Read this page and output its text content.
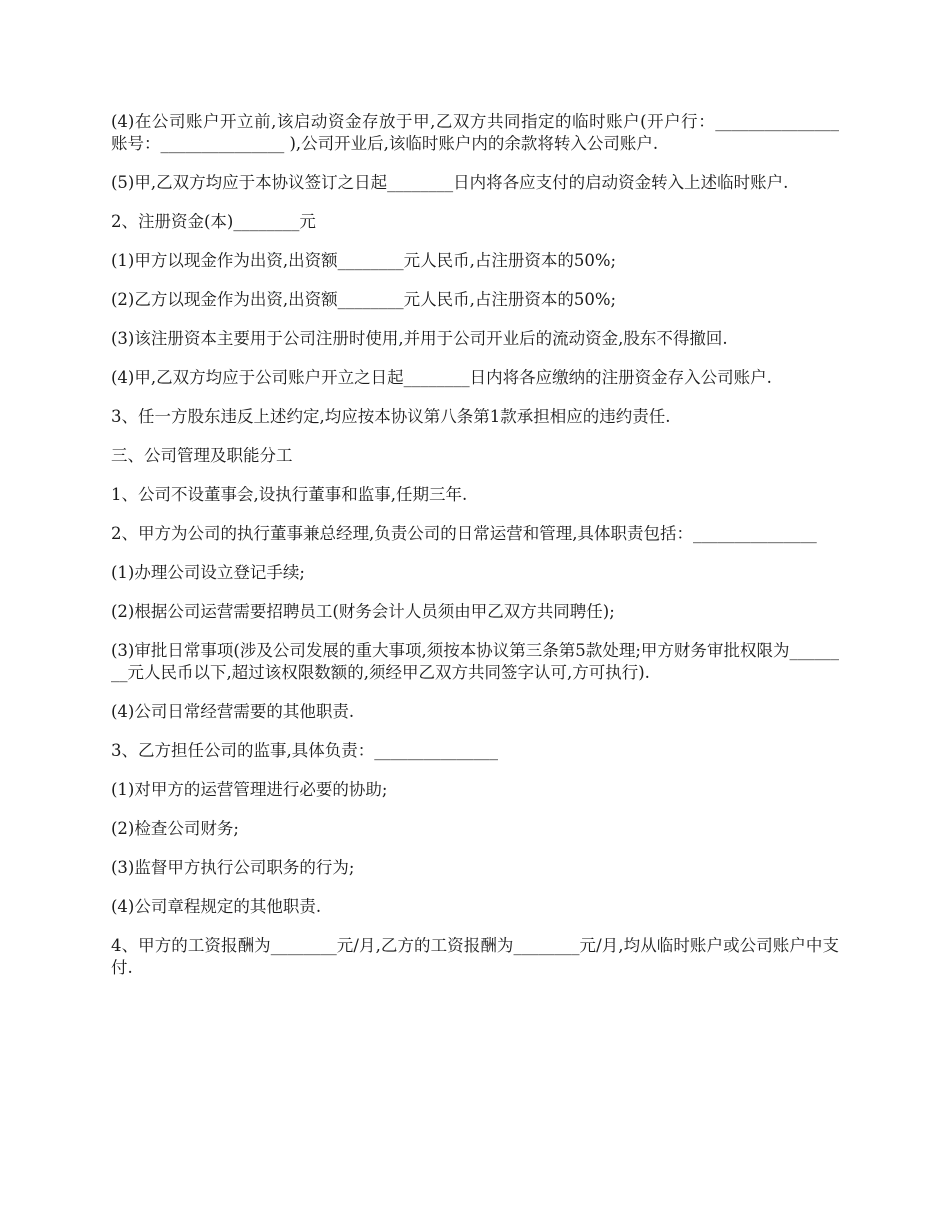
(4)在公司账户开立前,该启动资金存放于甲,乙双方共同指定的临时账户(开户行：_______________ 账号：_______________ ),公司开业后,该临时账户内的余款将转入公司账户.

(5)甲,乙双方均应于本协议签订之日起________日内将各应支付的启动资金转入上述临时账户.

2、注册资金(本)________元

(1)甲方以现金作为出资,出资额________元人民币,占注册资本的50%;

(2)乙方以现金作为出资,出资额________元人民币,占注册资本的50%;

(3)该注册资本主要用于公司注册时使用,并用于公司开业后的流动资金,股东不得撤回.

(4)甲,乙双方均应于公司账户开立之日起________日内将各应缴纳的注册资金存入公司账户.

3、任一方股东违反上述约定,均应按本协议第八条第1款承担相应的违约责任.

三、公司管理及职能分工

1、公司不设董事会,设执行董事和监事,任期三年.

2、甲方为公司的执行董事兼总经理,负责公司的日常运营和管理,具体职责包括：_______________

(1)办理公司设立登记手续;

(2)根据公司运营需要招聘员工(财务会计人员须由甲乙双方共同聘任);

(3)审批日常事项(涉及公司发展的重大事项,须按本协议第三条第5款处理;甲方财务审批权限为________元人民币以下,超过该权限数额的,须经甲乙双方共同签字认可,方可执行).

(4)公司日常经营需要的其他职责.

3、乙方担任公司的监事,具体负责：_______________

(1)对甲方的运营管理进行必要的协助;

(2)检查公司财务;

(3)监督甲方执行公司职务的行为;

(4)公司章程规定的其他职责.

4、甲方的工资报酬为________元/月,乙方的工资报酬为________元/月,均从临时账户或公司账户中支付.
